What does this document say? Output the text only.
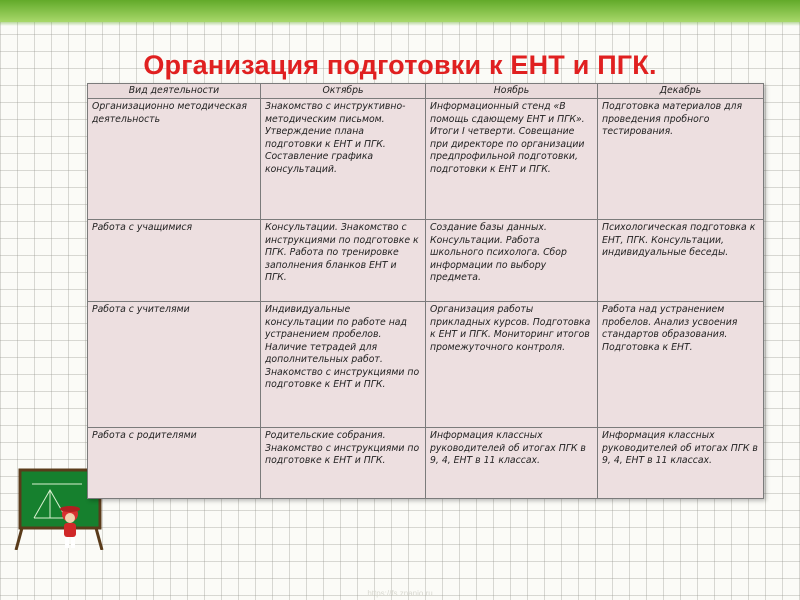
Организация подготовки к ЕНТ и ПГК.
Вид деятельности	Октябрь	Ноябрь	Декабрь
Организационно методическая деятельность	Знакомство с инструктивно-методическим письмом. Утверждение плана подготовки к ЕНТ и ПГК. Составление графика консультаций.	Информационный стенд «В помощь сдающему ЕНТ и ПГК». Итоги I четверти. Совещание при директоре по организации предпрофильной подготовки, подготовки к ЕНТ и ПГК.	Подготовка материалов для проведения пробного тестирования.
Работа с учащимися	Консультации. Знакомство с инструкциями по подготовке к ПГК. Работа по тренировке заполнения бланков ЕНТ и ПГК.	Создание базы данных. Консультации. Работа школьного психолога. Сбор информации по выбору предмета.	Психологическая подготовка к ЕНТ, ПГК. Консультации, индивидуальные беседы.
Работа с учителями	Индивидуальные консультации по работе над устранением пробелов. Наличие тетрадей для дополнительных работ. Знакомство с инструкциями по подготовке к ЕНТ и ПГК.	Организация работы прикладных курсов. Подготовка к ЕНТ и ПГК. Мониторинг итогов промежуточного контроля.	Работа над устранением пробелов. Анализ усвоения стандартов образования. Подготовка к ЕНТ.
Работа с родителями	Родительские собрания. Знакомство с инструкциями по подготовке к ЕНТ и ПГК.	Информация классных руководителей об итогах ПГК в 9, 4, ЕНТ в 11 классах.	Информация классных руководителей об итогах ПГК в 9, 4, ЕНТ в 11 классах.
https://fs.znanio.ru
